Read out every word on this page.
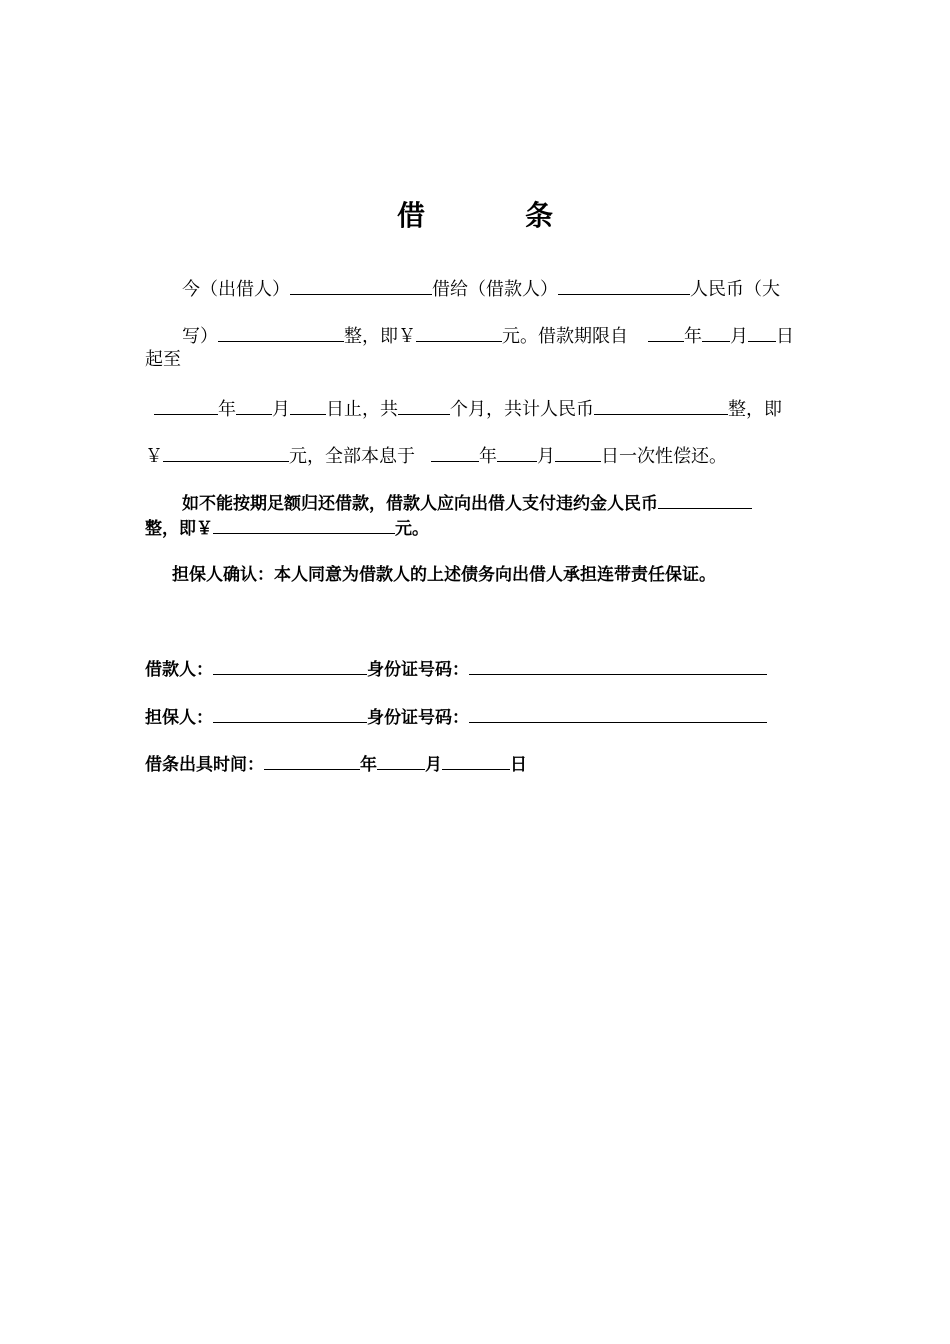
借　条
今（出借人）	借给（借款人）	人民币（大
写）	整，即￥	元。借款期限自	年 月 日
起至
年 月 日止，共	个月，共计人民币	整，即
￥	元，全部本息于	年 月	日一次性偿还。
如不能按期足额归还借款，借款人应向出借人支付违约金人民币
整，即￥	元。
担保人确认：本人同意为借款人的上述债务向出借人承担连带责任保证。
借款人：	身份证号码：
担保人：	身份证号码：
借条出具时间：	年	月	日
